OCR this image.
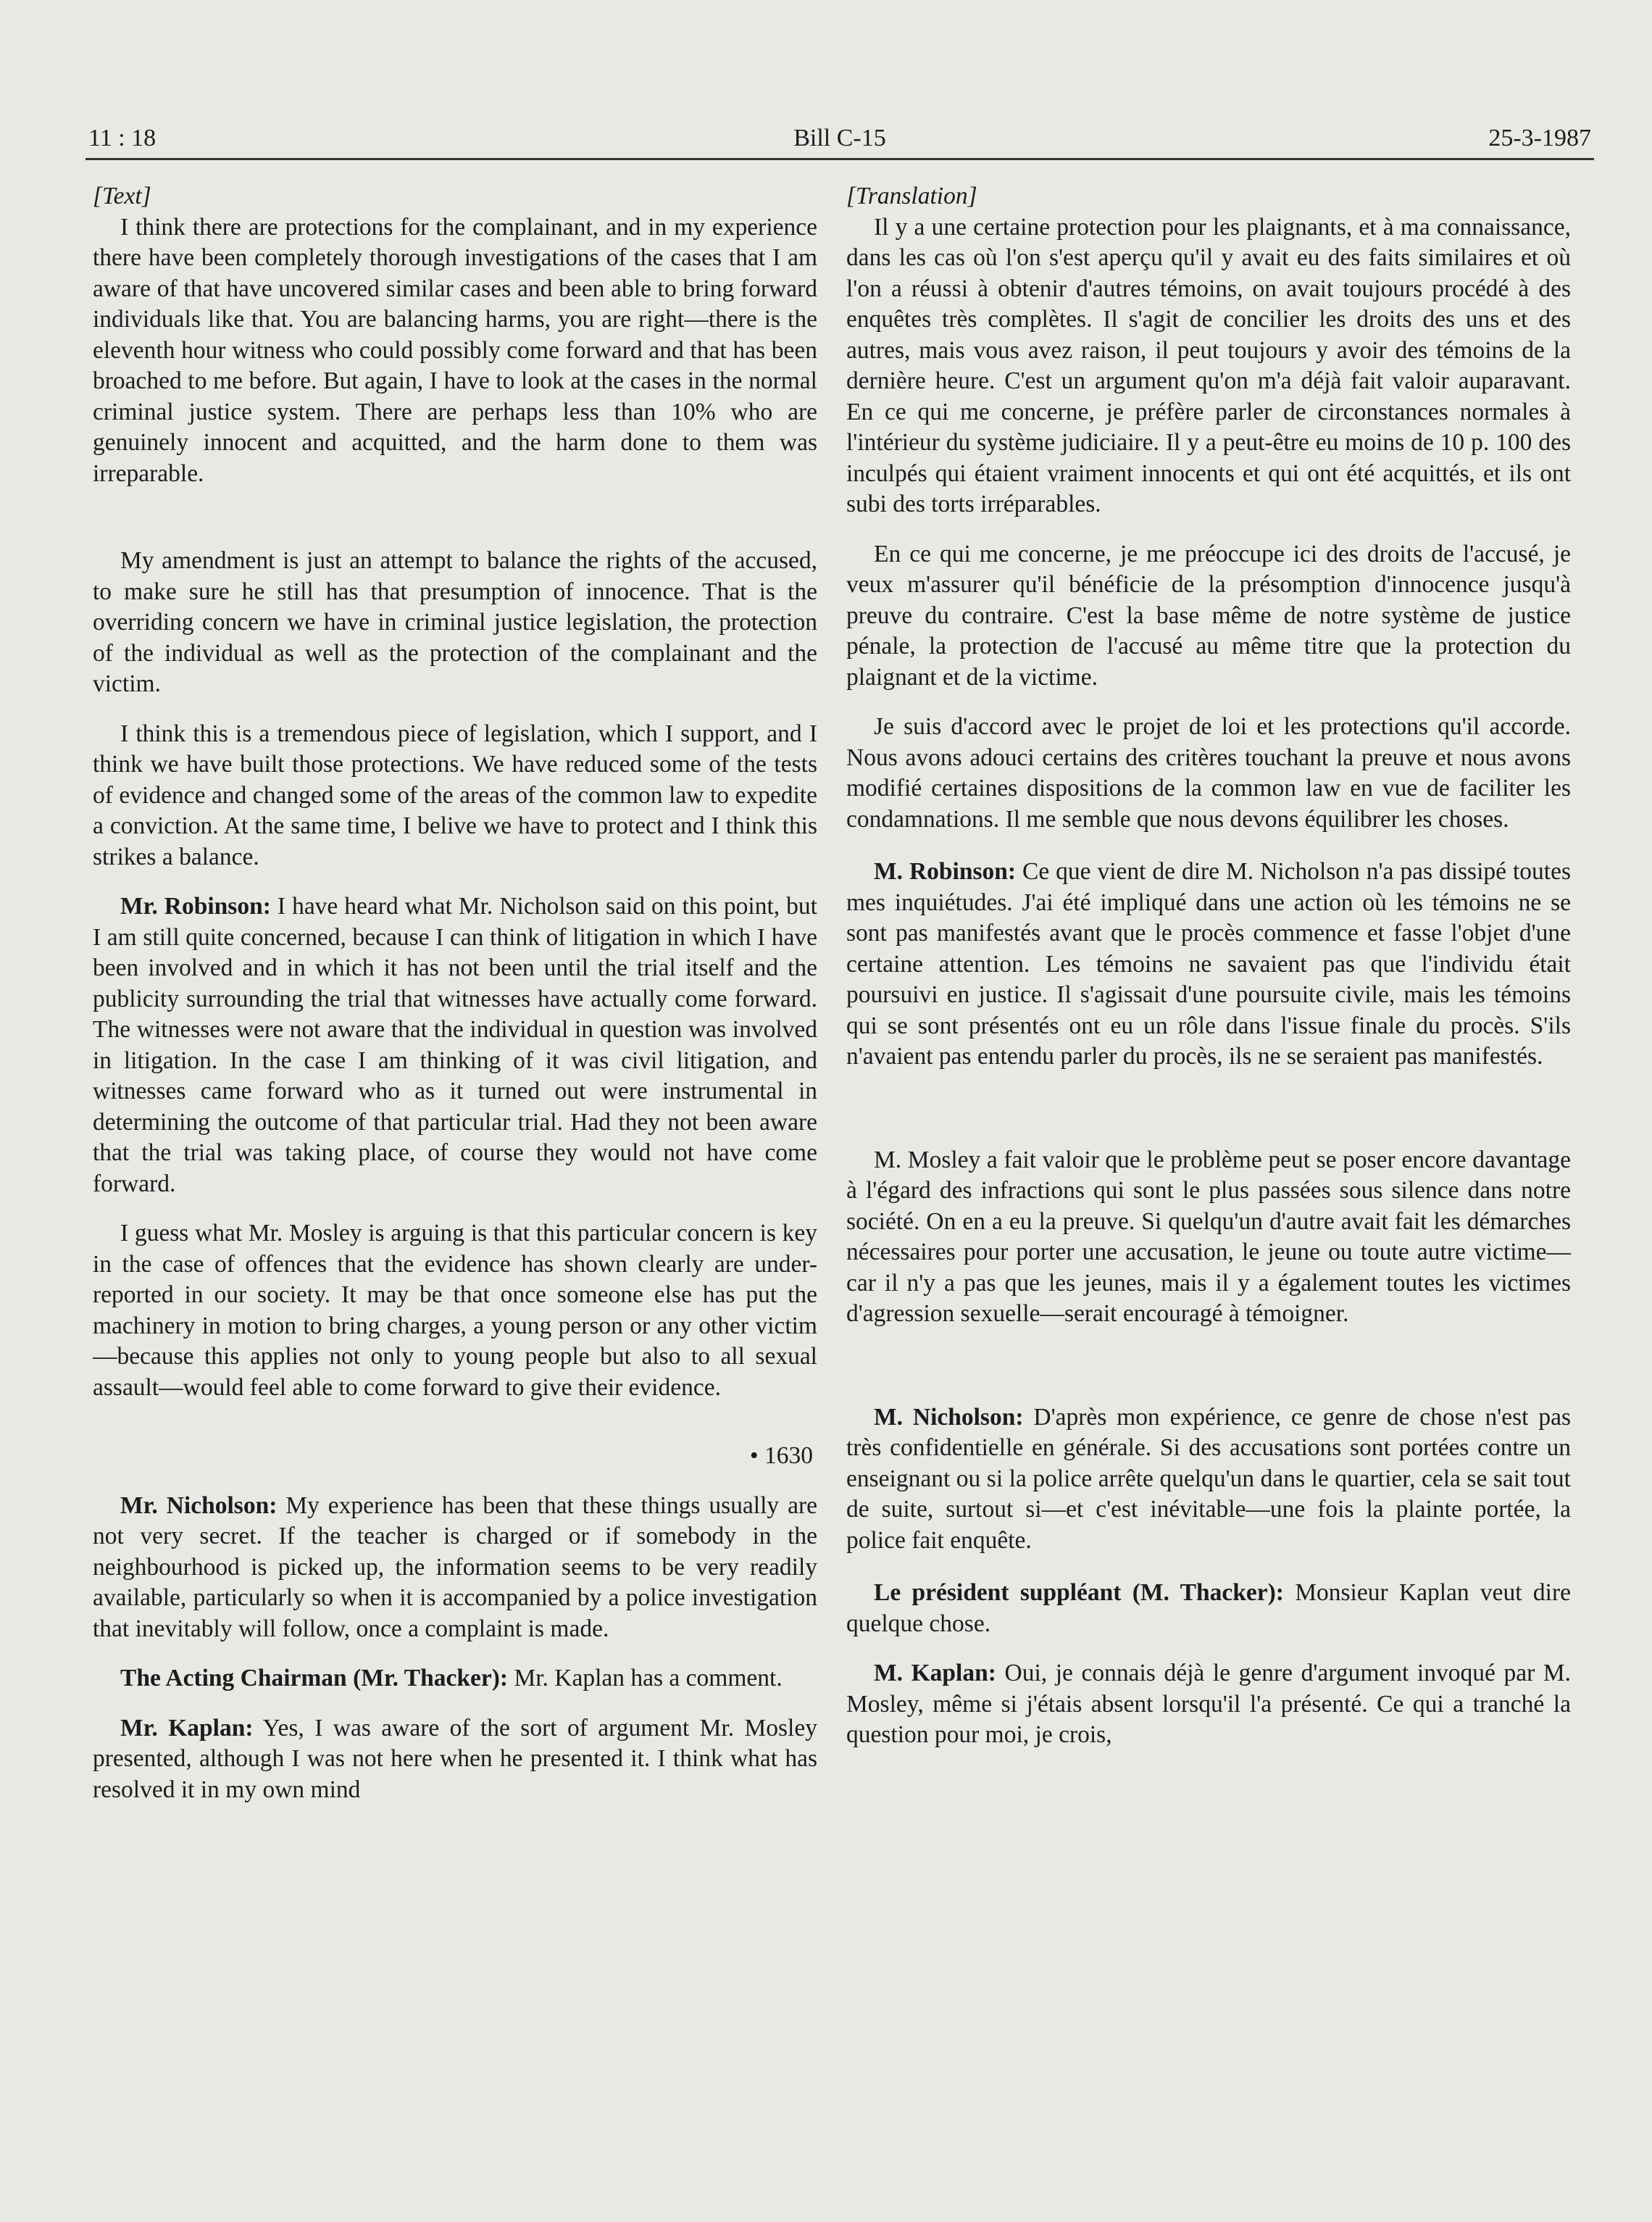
11 : 18	Bill C-15	25-3-1987

[Text]

I think there are protections for the complainant, and in my experience there have been completely thorough investigations of the cases that I am aware of that have uncovered similar cases and been able to bring forward individuals like that. You are balancing harms, you are right—there is the eleventh hour witness who could possibly come forward and that has been broached to me before. But again, I have to look at the cases in the normal criminal justice system. There are perhaps less than 10% who are genuinely innocent and acquitted, and the harm done to them was irreparable.

My amendment is just an attempt to balance the rights of the accused, to make sure he still has that presumption of innocence. That is the overriding concern we have in criminal justice legislation, the protection of the individual as well as the protection of the complainant and the victim.

I think this is a tremendous piece of legislation, which I support, and I think we have built those protections. We have reduced some of the tests of evidence and changed some of the areas of the common law to expedite a conviction. At the same time, I belive we have to protect and I think this strikes a balance.

Mr. Robinson: I have heard what Mr. Nicholson said on this point, but I am still quite concerned, because I can think of litigation in which I have been involved and in which it has not been until the trial itself and the publicity surrounding the trial that witnesses have actually come forward. The witnesses were not aware that the individual in question was involved in litigation. In the case I am thinking of it was civil litigation, and witnesses came forward who as it turned out were instrumental in determining the outcome of that particular trial. Had they not been aware that the trial was taking place, of course they would not have come forward.

I guess what Mr. Mosley is arguing is that this particular concern is key in the case of offences that the evidence has shown clearly are under-reported in our society. It may be that once someone else has put the machinery in motion to bring charges, a young person or any other victim—because this applies not only to young people but also to all sexual assault—would feel able to come forward to give their evidence.

• 1630

Mr. Nicholson: My experience has been that these things usually are not very secret. If the teacher is charged or if somebody in the neighbourhood is picked up, the information seems to be very readily available, particularly so when it is accompanied by a police investigation that inevitably will follow, once a complaint is made.

The Acting Chairman (Mr. Thacker): Mr. Kaplan has a comment.

Mr. Kaplan: Yes, I was aware of the sort of argument Mr. Mosley presented, although I was not here when he presented it. I think what has resolved it in my own mind

[Translation]

Il y a une certaine protection pour les plaignants, et à ma connaissance, dans les cas où l'on s'est aperçu qu'il y avait eu des faits similaires et où l'on a réussi à obtenir d'autres témoins, on avait toujours procédé à des enquêtes très complètes. Il s'agit de concilier les droits des uns et des autres, mais vous avez raison, il peut toujours y avoir des témoins de la dernière heure. C'est un argument qu'on m'a déjà fait valoir auparavant. En ce qui me concerne, je préfère parler de circonstances normales à l'intérieur du système judiciaire. Il y a peut-être eu moins de 10 p. 100 des inculpés qui étaient vraiment innocents et qui ont été acquittés, et ils ont subi des torts irréparables.

En ce qui me concerne, je me préoccupe ici des droits de l'accusé, je veux m'assurer qu'il bénéficie de la présomption d'innocence jusqu'à preuve du contraire. C'est la base même de notre système de justice pénale, la protection de l'accusé au même titre que la protection du plaignant et de la victime.

Je suis d'accord avec le projet de loi et les protections qu'il accorde. Nous avons adouci certains des critères touchant la preuve et nous avons modifié certaines dispositions de la common law en vue de faciliter les condamnations. Il me semble que nous devons équilibrer les choses.

M. Robinson: Ce que vient de dire M. Nicholson n'a pas dissipé toutes mes inquiétudes. J'ai été impliqué dans une action où les témoins ne se sont pas manifestés avant que le procès commence et fasse l'objet d'une certaine attention. Les témoins ne savaient pas que l'individu était poursuivi en justice. Il s'agissait d'une poursuite civile, mais les témoins qui se sont présentés ont eu un rôle dans l'issue finale du procès. S'ils n'avaient pas entendu parler du procès, ils ne se seraient pas manifestés.

M. Mosley a fait valoir que le problème peut se poser encore davantage à l'égard des infractions qui sont le plus passées sous silence dans notre société. On en a eu la preuve. Si quelqu'un d'autre avait fait les démarches nécessaires pour porter une accusation, le jeune ou toute autre victime—car il n'y a pas que les jeunes, mais il y a également toutes les victimes d'agression sexuelle—serait encouragé à témoigner.

M. Nicholson: D'après mon expérience, ce genre de chose n'est pas très confidentielle en générale. Si des accusations sont portées contre un enseignant ou si la police arrête quelqu'un dans le quartier, cela se sait tout de suite, surtout si—et c'est inévitable—une fois la plainte portée, la police fait enquête.

Le président suppléant (M. Thacker): Monsieur Kaplan veut dire quelque chose.

M. Kaplan: Oui, je connais déjà le genre d'argument invoqué par M. Mosley, même si j'étais absent lorsqu'il l'a présenté. Ce qui a tranché la question pour moi, je crois,
